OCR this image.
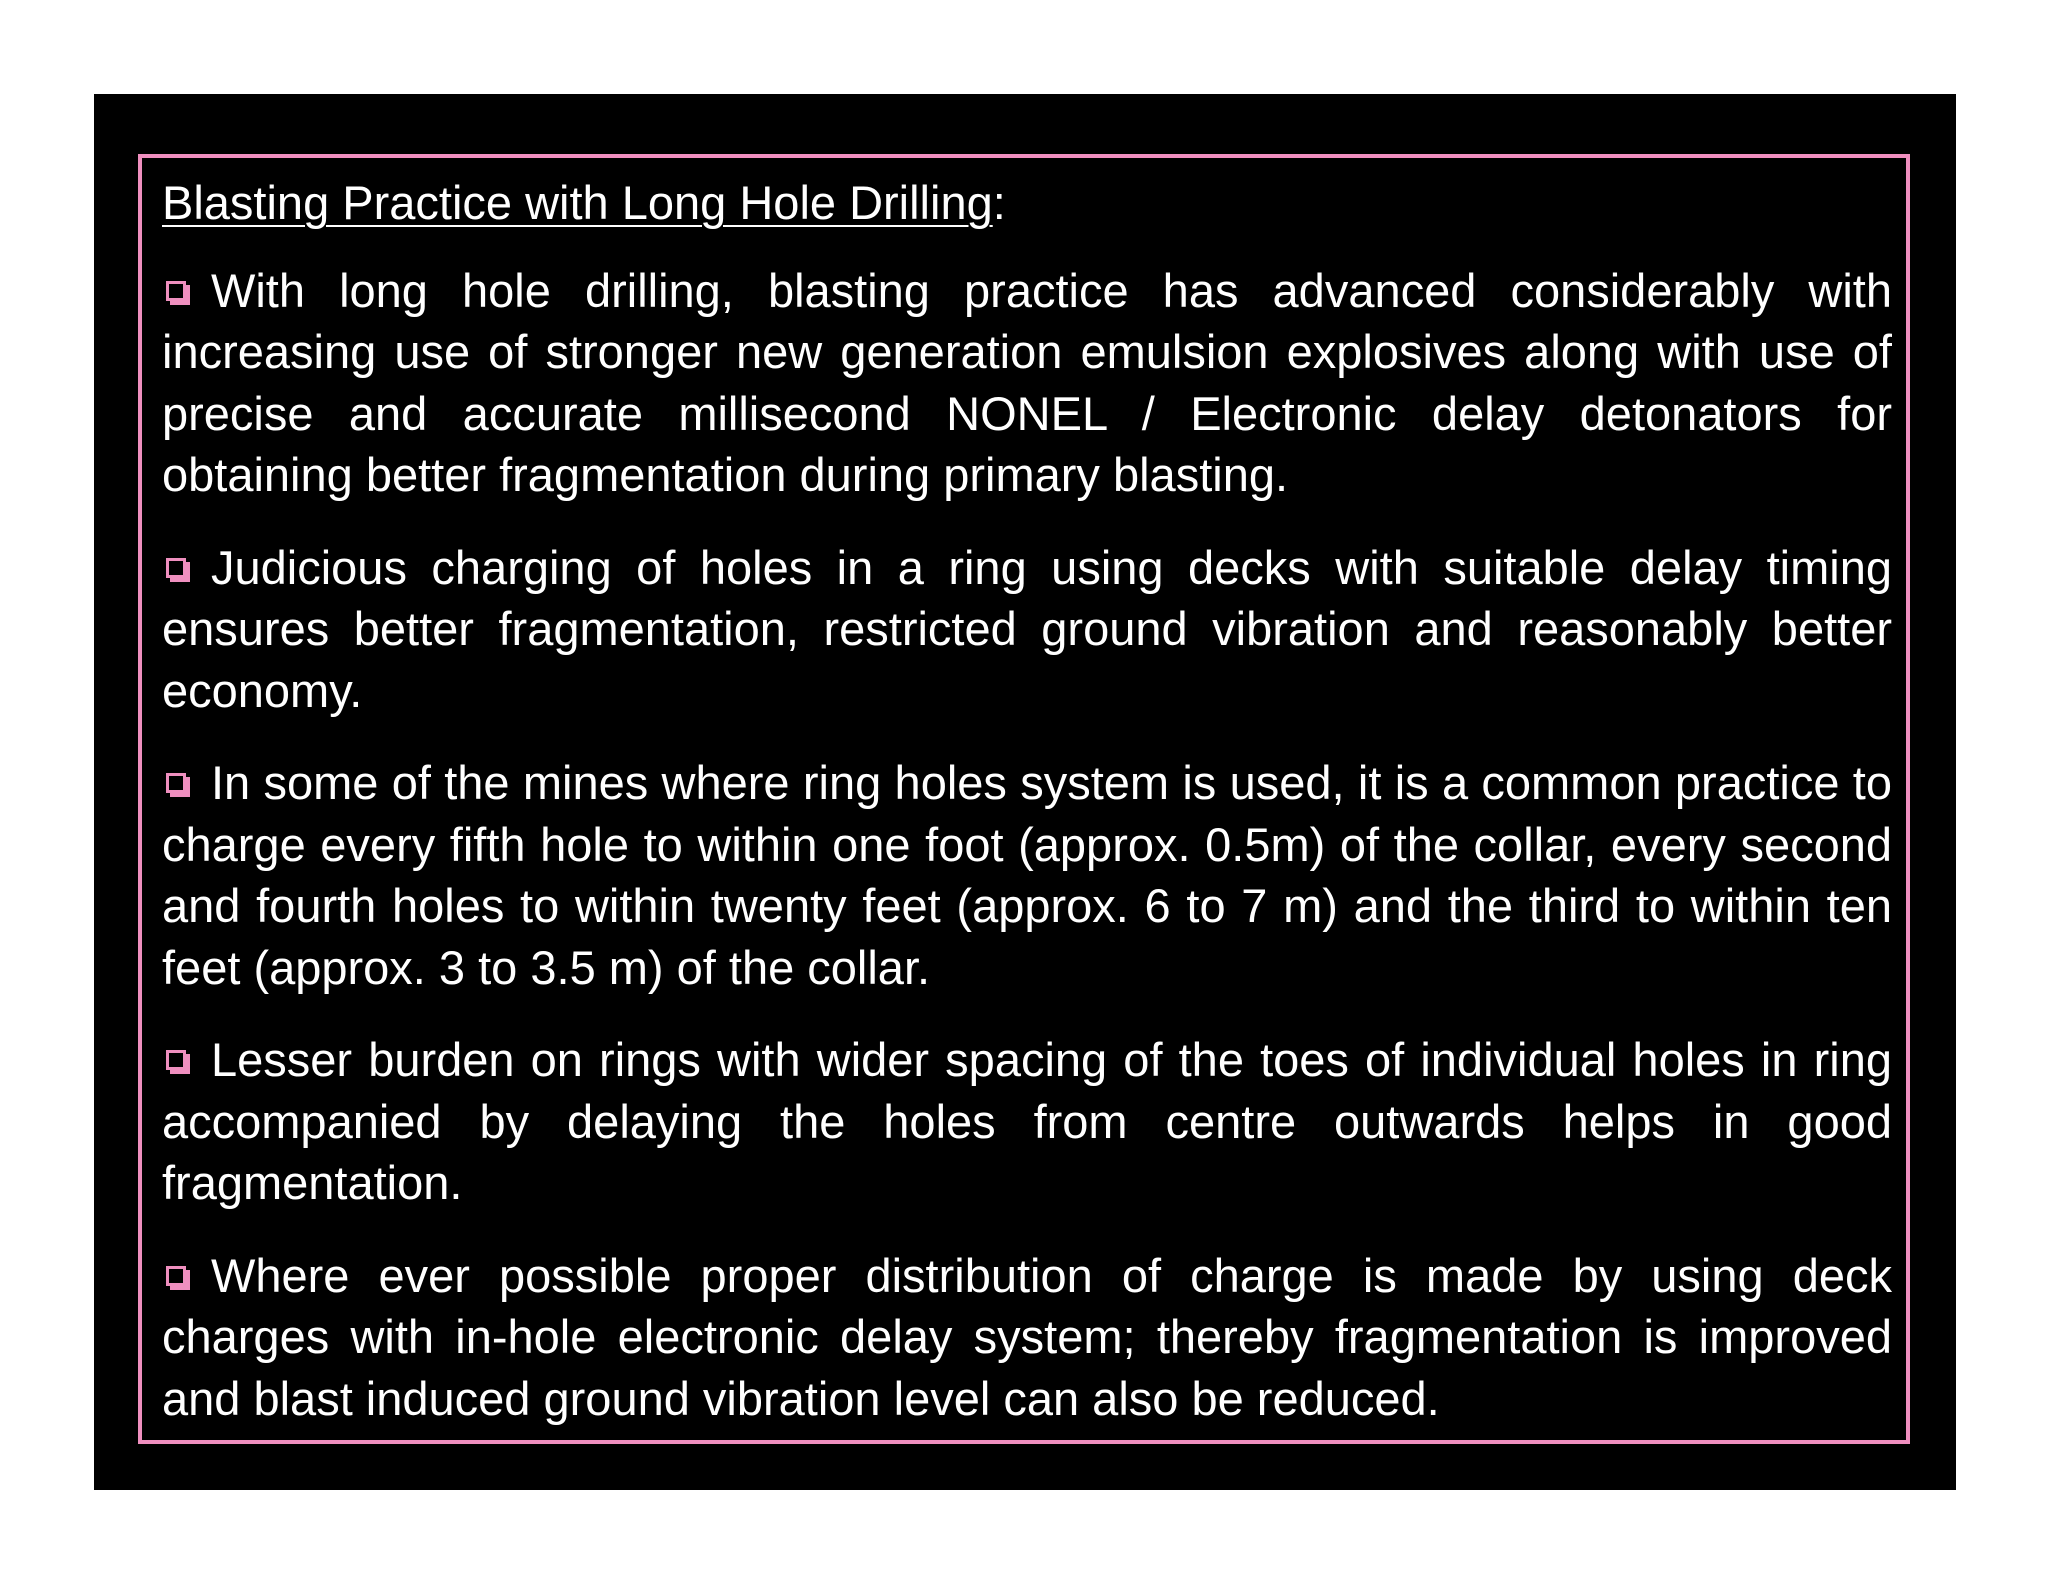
Blasting Practice with Long Hole Drilling:

With long hole drilling, blasting practice has advanced considerably with increasing use of stronger new generation emulsion explosives along with use of precise and accurate millisecond NONEL / Electronic delay detonators for obtaining better fragmentation during primary blasting.

Judicious charging of holes in a ring using decks with suitable delay timing ensures better fragmentation, restricted ground vibration and reasonably better economy.

In some of the mines where ring holes system is used, it is a common practice to charge every fifth hole to within one foot (approx. 0.5m) of the collar, every second and fourth holes to within twenty feet (approx. 6 to 7 m) and the third to within ten feet (approx. 3 to 3.5 m) of the collar.

Lesser burden on rings with wider spacing of the toes of individual holes in ring accompanied by delaying the holes from centre outwards helps in good fragmentation.

Where ever possible proper distribution of charge is made by using deck charges with in-hole electronic delay system; thereby fragmentation is improved and blast induced ground vibration level can also be reduced.
